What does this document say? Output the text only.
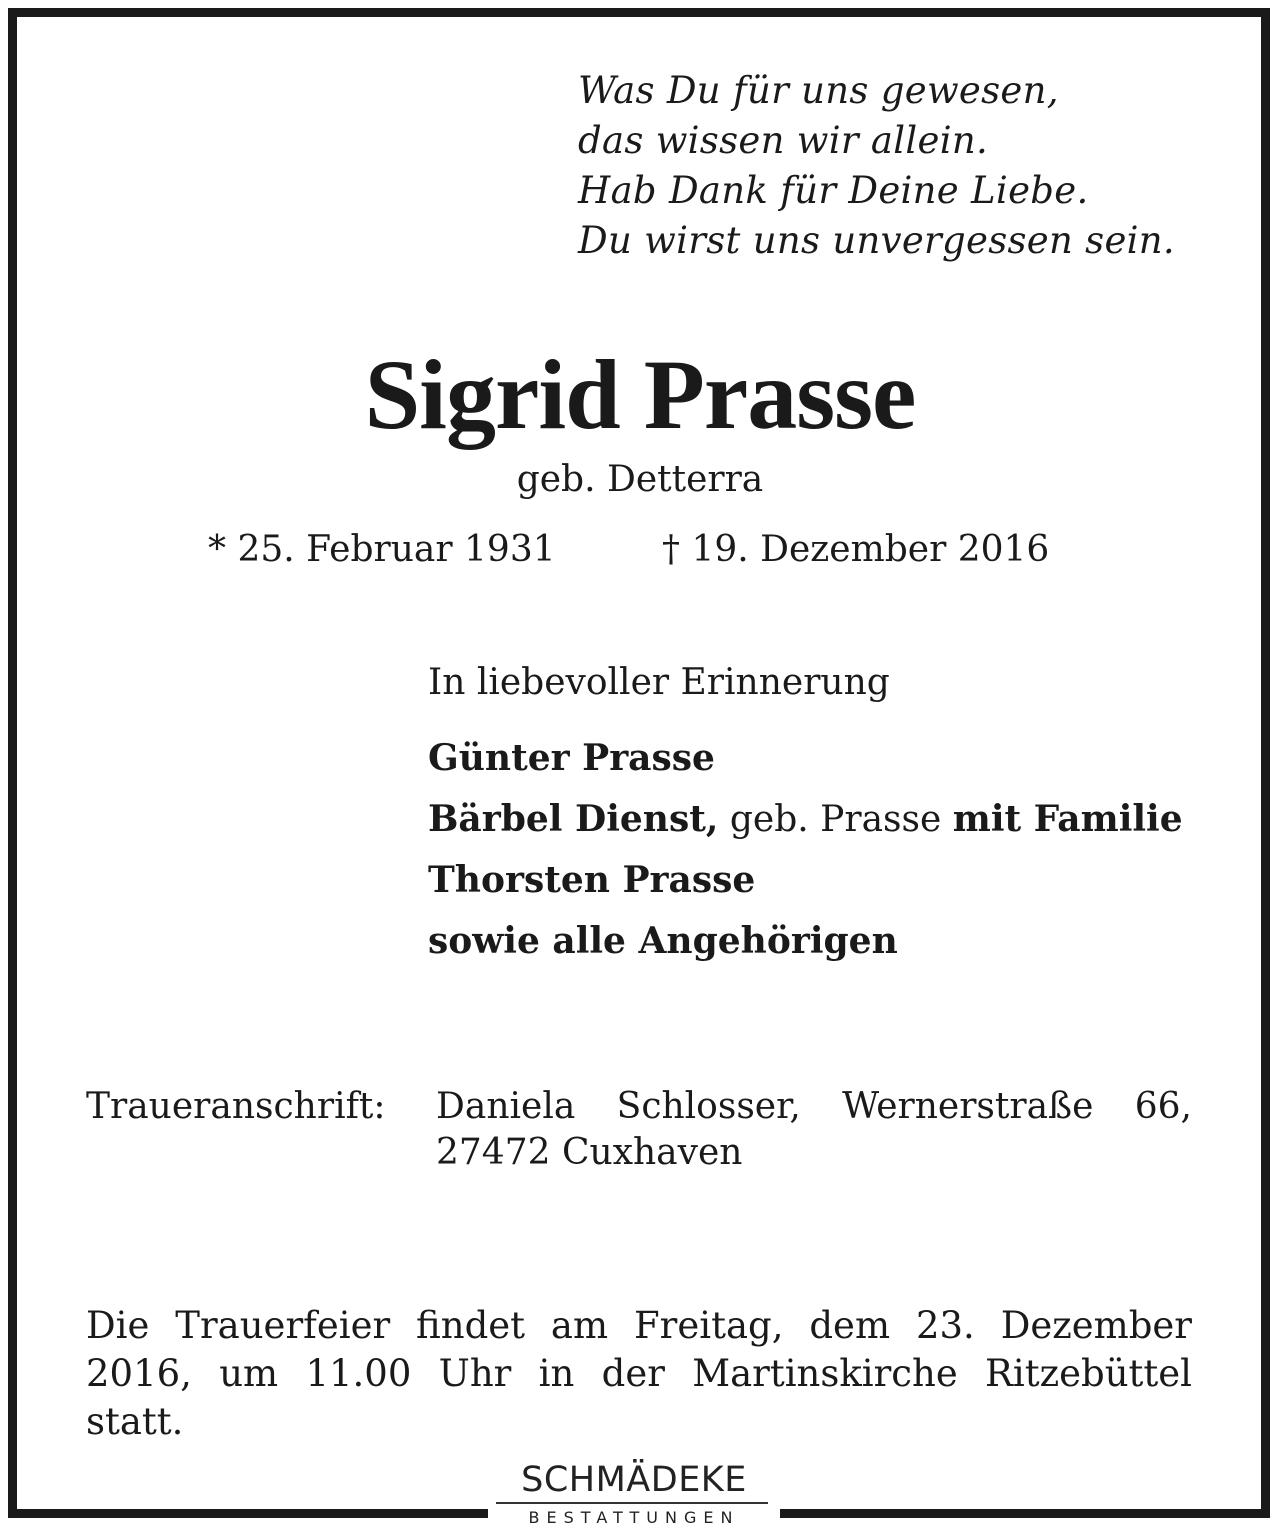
Was Du für uns gewesen,
das wissen wir allein.
Hab Dank für Deine Liebe.
Du wirst uns unvergessen sein.
Sigrid Prasse
geb. Detterra
* 25. Februar 1931	† 19. Dezember 2016
In liebevoller Erinnerung
Günter Prasse
Bärbel Dienst, geb. Prasse mit Familie
Thorsten Prasse
sowie alle Angehörigen
Traueranschrift: Daniela Schlosser, Wernerstraße 66,
27472 Cuxhaven
Die Trauerfeier findet am Freitag, dem 23. Dezember 2016, um 11.00 Uhr in der Martinskirche Ritzebüttel statt.
SCHMÄDEKE
BESTATTUNGEN
